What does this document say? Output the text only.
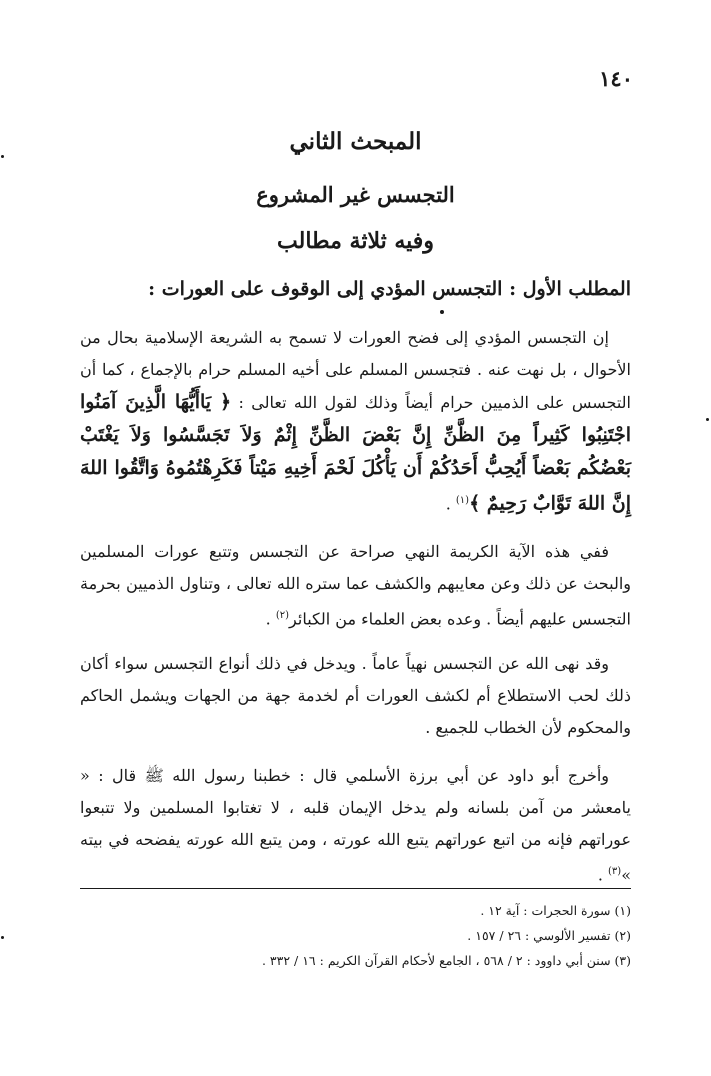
١٤٠
المبحث الثاني
التجسس غير المشروع
وفيه ثلاثة مطالب
المطلب الأول : التجسس المؤدي إلى الوقوف على العورات :
إن التجسس المؤدي إلى فضح العورات لا تسمح به الشريعة الإسلامية بحال من الأحوال ، بل نهت عنه . فتجسس المسلم على أخيه المسلم حرام بالإجماع ، كما أن التجسس على الذميين حرام أيضاً وذلك لقول الله تعالى : ﴿ يَاأَيُّهَا الَّذِينَ آمَنُوا اجْتَنِبُوا كَثِيراً مِنَ الظَّنِّ إِنَّ بَعْضَ الظَّنِّ إِثْمٌ وَلاَ تَجَسَّسُوا وَلاَ يَغْتَبْ بَعْضُكُم بَعْضاً أَيُحِبُّ أَحَدُكُمْ أَن يَأْكُلَ لَحْمَ أَخِيهِ مَيْتاً فَكَرِهْتُمُوهُ وَاتَّقُوا اللهَ إِنَّ اللهَ تَوَّابٌ رَحِيمٌ ﴾$^{(١)}$ .
ففي هذه الآية الكريمة النهي صراحة عن التجسس وتتبع عورات المسلمين والبحث عن ذلك وعن معايبهم والكشف عما ستره الله تعالى ، وتناول الذميين بحرمة التجسس عليهم أيضاً . وعده بعض العلماء من الكبائر$^{(٢)}$ .
وقد نهى الله عن التجسس نهياً عاماً . ويدخل في ذلك أنواع التجسس سواء أكان ذلك لحب الاستطلاع أم لكشف العورات أم لخدمة جهة من الجهات ويشمل الحاكم والمحكوم لأن الخطاب للجميع .
وأخرج أبو داود عن أبي برزة الأسلمي قال : خطبنا رسول الله ﷺ قال : « يامعشر من آمن بلسانه ولم يدخل الإيمان قلبه ، لا تغتابوا المسلمين ولا تتبعوا عوراتهم فإنه من اتبع عوراتهم يتبع الله عورته ، ومن يتبع الله عورته يفضحه في بيته »$^{(٣)}$ .
(١) سورة الحجرات : آية ١٢ .
(٢) تفسير الألوسي : ٢٦ / ١٥٧ .
(٣) سنن أبي داوود : ٢ / ٥٦٨ ، الجامع لأحكام القرآن الكريم : ١٦ / ٣٣٢ .
